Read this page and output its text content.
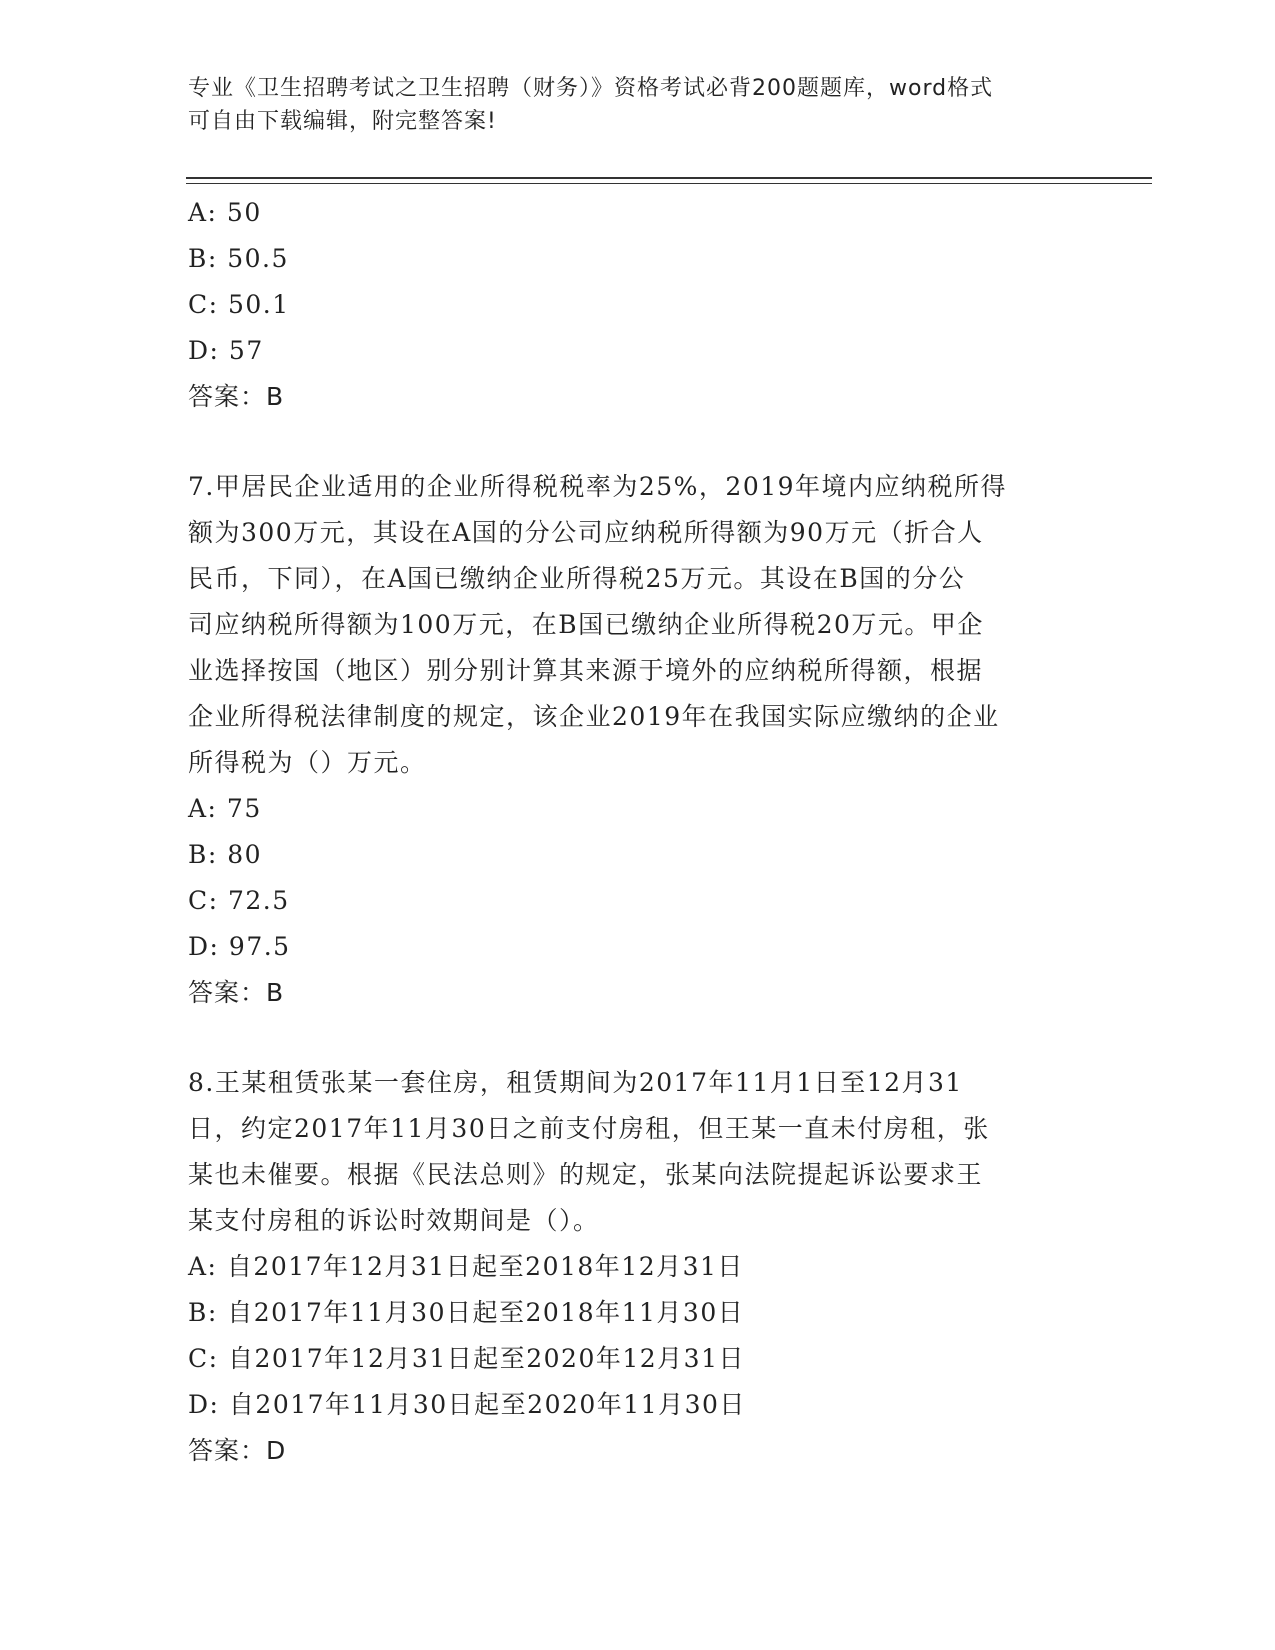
专业《卫生招聘考试之卫生招聘（财务）》资格考试必背200题题库，word格式
可自由下载编辑，附完整答案!
A: 50
B: 50.5
C: 50.1
D: 57
答案：B
7.甲居民企业适用的企业所得税税率为25%，2019年境内应纳税所得
额为300万元，其设在A国的分公司应纳税所得额为90万元（折合人
民币，下同），在A国已缴纳企业所得税25万元。其设在B国的分公
司应纳税所得额为100万元，在B国已缴纳企业所得税20万元。甲企
业选择按国（地区）别分别计算其来源于境外的应纳税所得额，根据
企业所得税法律制度的规定，该企业2019年在我国实际应缴纳的企业
所得税为（）万元。
A: 75
B: 80
C: 72.5
D: 97.5
答案：B
8.王某租赁张某一套住房，租赁期间为2017年11月1日至12月31
日，约定2017年11月30日之前支付房租，但王某一直未付房租，张
某也未催要。根据《民法总则》的规定，张某向法院提起诉讼要求王
某支付房租的诉讼时效期间是（）。
A: 自2017年12月31日起至2018年12月31日
B: 自2017年11月30日起至2018年11月30日
C: 自2017年12月31日起至2020年12月31日
D: 自2017年11月30日起至2020年11月30日
答案：D
